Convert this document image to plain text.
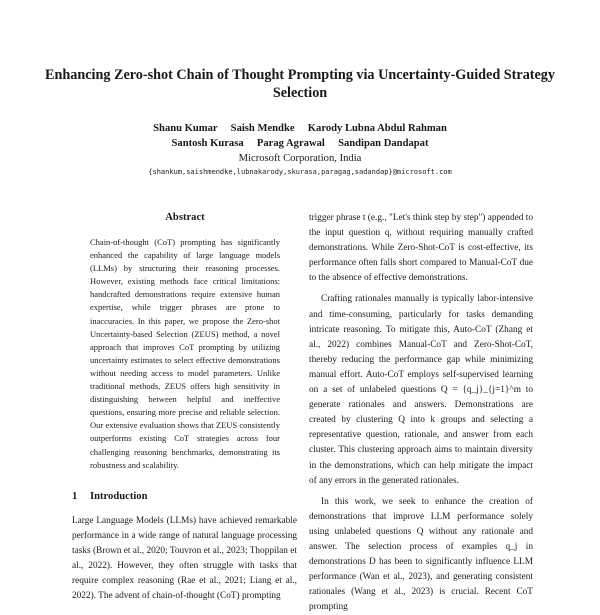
Enhancing Zero-shot Chain of Thought Prompting via Uncertainty-Guided Strategy Selection
Shanu Kumar     Saish Mendke     Karody Lubna Abdul Rahman
Santosh Kurasa     Parag Agrawal     Sandipan Dandapat
Microsoft Corporation, India
{shankum,saishmendke,lubnakarody,skurasa,paragag,sadandap}@microsoft.com
Abstract
Chain-of-thought (CoT) prompting has significantly enhanced the capability of large language models (LLMs) by structuring their reasoning processes. However, existing methods face critical limitations: handcrafted demonstrations require extensive human expertise, while trigger phrases are prone to inaccuracies. In this paper, we propose the Zero-shot Uncertainty-based Selection (ZEUS) method, a novel approach that improves CoT prompting by utilizing uncertainty estimates to select effective demonstrations without needing access to model parameters. Unlike traditional methods, ZEUS offers high sensitivity in distinguishing between helpful and ineffective questions, ensuring more precise and reliable selection. Our extensive evaluation shows that ZEUS consistently outperforms existing CoT strategies across four challenging reasoning benchmarks, demonstrating its robustness and scalability.
1 Introduction
Large Language Models (LLMs) have achieved remarkable performance in a wide range of natural language processing tasks (Brown et al., 2020; Touvron et al., 2023; Thoppilan et al., 2022). However, they often struggle with tasks that require complex reasoning (Rae et al., 2021; Liang et al., 2022). The advent of chain-of-thought (CoT) prompting

trigger phrase t (e.g., "Let's think step by step") appended to the input question q, without requiring manually crafted demonstrations. While Zero-Shot-CoT is cost-effective, its performance often falls short compared to Manual-CoT due to the absence of effective demonstrations.

Crafting rationales manually is typically labor-intensive and time-consuming, particularly for tasks demanding intricate reasoning. To mitigate this, Auto-CoT (Zhang et al., 2022) combines Manual-CoT and Zero-Shot-CoT, thereby reducing the performance gap while minimizing manual effort. Auto-CoT employs self-supervised learning on a set of unlabeled questions Q = {q_j}_{j=1}^m to generate rationales and answers. Demonstrations are created by clustering Q into k groups and selecting a representative question, rationale, and answer from each cluster. This clustering approach aims to maintain diversity in the demonstrations, which can help mitigate the impact of any errors in the generated rationales.

In this work, we seek to enhance the creation of demonstrations that improve LLM performance solely using unlabeled questions Q without any rationale and answer. The selection process of examples q_j in demonstrations D has been to significantly influence LLM performance (Wan et al., 2023), and generating consistent rationales (Wang et al., 2023) is crucial. Recent CoT prompting
